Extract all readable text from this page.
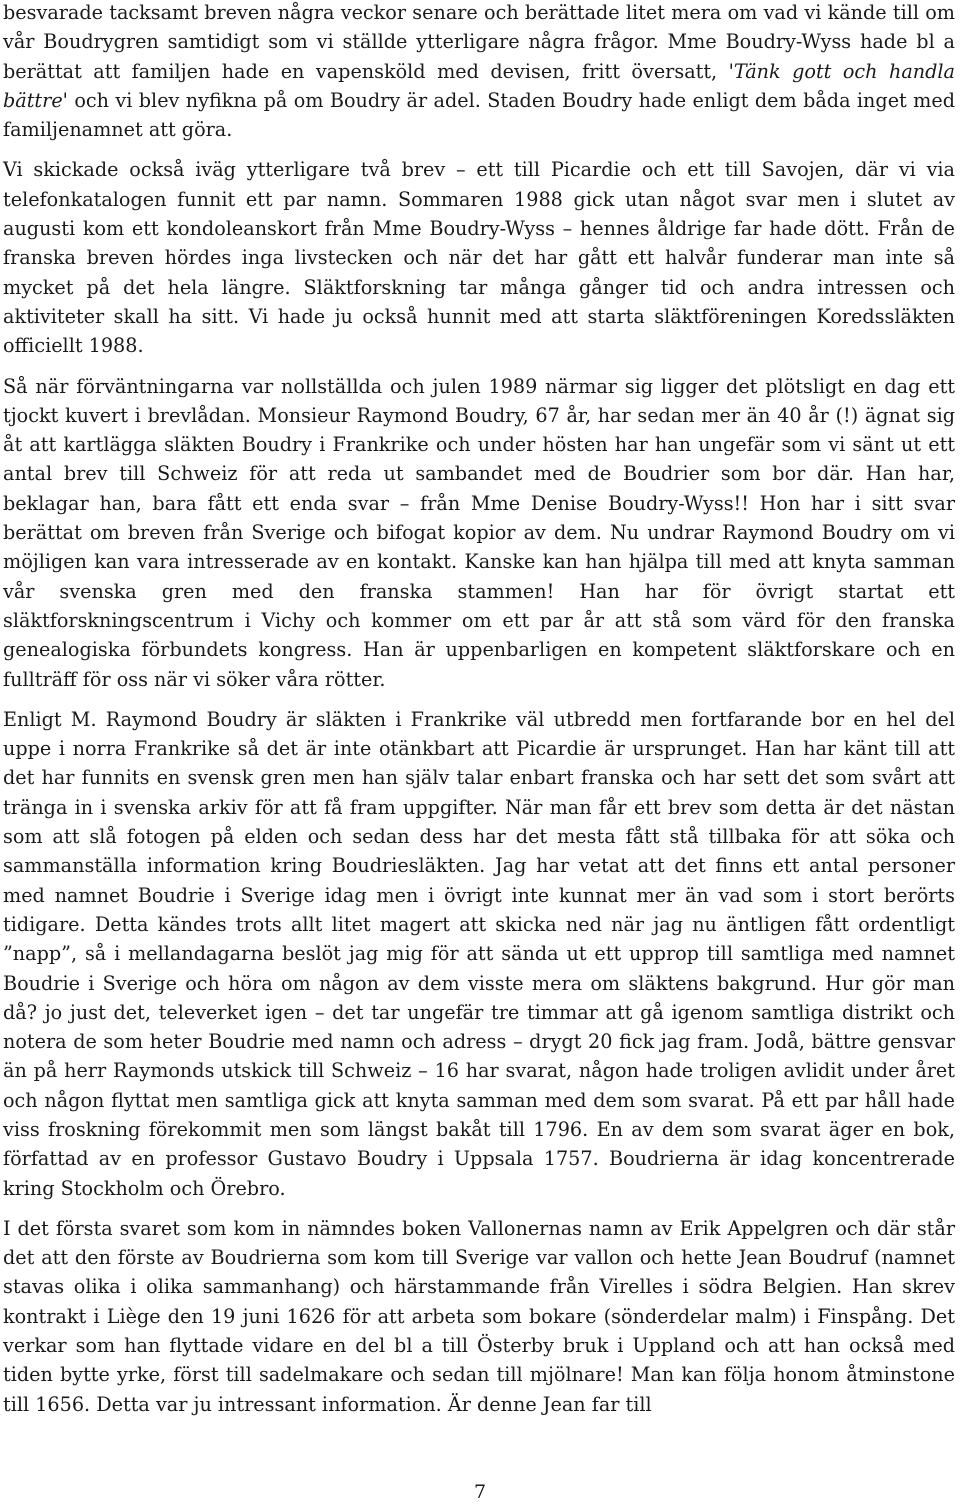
besvarade tacksamt breven några veckor senare och berättade litet mera om vad vi kände till om vår Boudrygren samtidigt som vi ställde ytterligare några frågor. Mme Boudry-Wyss hade bl a berättat att familjen hade en vapensköld med devisen, fritt översatt, 'Tänk gott och handla bättre' och vi blev nyfikna på om Boudry är adel. Staden Boudry hade enligt dem båda inget med familjenamnet att göra.

Vi skickade också iväg ytterligare två brev – ett till Picardie och ett till Savojen, där vi via telefonkatalogen funnit ett par namn. Sommaren 1988 gick utan något svar men i slutet av augusti kom ett kondoleanskort från Mme Boudry-Wyss – hennes åldrige far hade dött. Från de franska breven hördes inga livstecken och när det har gått ett halvår funderar man inte så mycket på det hela längre. Släktforskning tar många gånger tid och andra intressen och aktiviteter skall ha sitt. Vi hade ju också hunnit med att starta släktföreningen Koredssläkten officiellt 1988.

Så när förväntningarna var nollställda och julen 1989 närmar sig ligger det plötsligt en dag ett tjockt kuvert i brevlådan. Monsieur Raymond Boudry, 67 år, har sedan mer än 40 år (!) ägnat sig åt att kartlägga släkten Boudry i Frankrike och under hösten har han ungefär som vi sänt ut ett antal brev till Schweiz för att reda ut sambandet med de Boudrier som bor där. Han har, beklagar han, bara fått ett enda svar – från Mme Denise Boudry-Wyss!! Hon har i sitt svar berättat om breven från Sverige och bifogat kopior av dem. Nu undrar Raymond Boudry om vi möjligen kan vara intresserade av en kontakt. Kanske kan han hjälpa till med att knyta samman vår svenska gren med den franska stammen! Han har för övrigt startat ett släktforskningscentrum i Vichy och kommer om ett par år att stå som värd för den franska genealogiska förbundets kongress. Han är uppenbarligen en kompetent släktforskare och en fullträff för oss när vi söker våra rötter.

Enligt M. Raymond Boudry är släkten i Frankrike väl utbredd men fortfarande bor en hel del uppe i norra Frankrike så det är inte otänkbart att Picardie är ursprunget. Han har känt till att det har funnits en svensk gren men han själv talar enbart franska och har sett det som svårt att tränga in i svenska arkiv för att få fram uppgifter. När man får ett brev som detta är det nästan som att slå fotogen på elden och sedan dess har det mesta fått stå tillbaka för att söka och sammanställa information kring Boudriesläkten. Jag har vetat att det finns ett antal personer med namnet Boudrie i Sverige idag men i övrigt inte kunnat mer än vad som i stort berörts tidigare. Detta kändes trots allt litet magert att skicka ned när jag nu äntligen fått ordentligt ”napp”, så i mellandagarna beslöt jag mig för att sända ut ett upprop till samtliga med namnet Boudrie i Sverige och höra om någon av dem visste mera om släktens bakgrund. Hur gör man då? jo just det, televerket igen – det tar ungefär tre timmar att gå igenom samtliga distrikt och notera de som heter Boudrie med namn och adress – drygt 20 fick jag fram. Jodå, bättre gensvar än på herr Raymonds utskick till Schweiz – 16 har svarat, någon hade troligen avlidit under året och någon flyttat men samtliga gick att knyta samman med dem som svarat. På ett par håll hade viss froskning förekommit men som längst bakåt till 1796. En av dem som svarat äger en bok, författad av en professor Gustavo Boudry i Uppsala 1757. Boudrierna är idag koncentrerade kring Stockholm och Örebro.

I det första svaret som kom in nämndes boken Vallonernas namn av Erik Appelgren och där står det att den förste av Boudrierna som kom till Sverige var vallon och hette Jean Boudruf (namnet stavas olika i olika sammanhang) och härstammande från Virelles i södra Belgien. Han skrev kontrakt i Liège den 19 juni 1626 för att arbeta som bokare (sönderdelar malm) i Finspång. Det verkar som han flyttade vidare en del bl a till Österby bruk i Uppland och att han också med tiden bytte yrke, först till sadelmakare och sedan till mjölnare! Man kan följa honom åtminstone till 1656. Detta var ju intressant information. Är denne Jean far till

7
